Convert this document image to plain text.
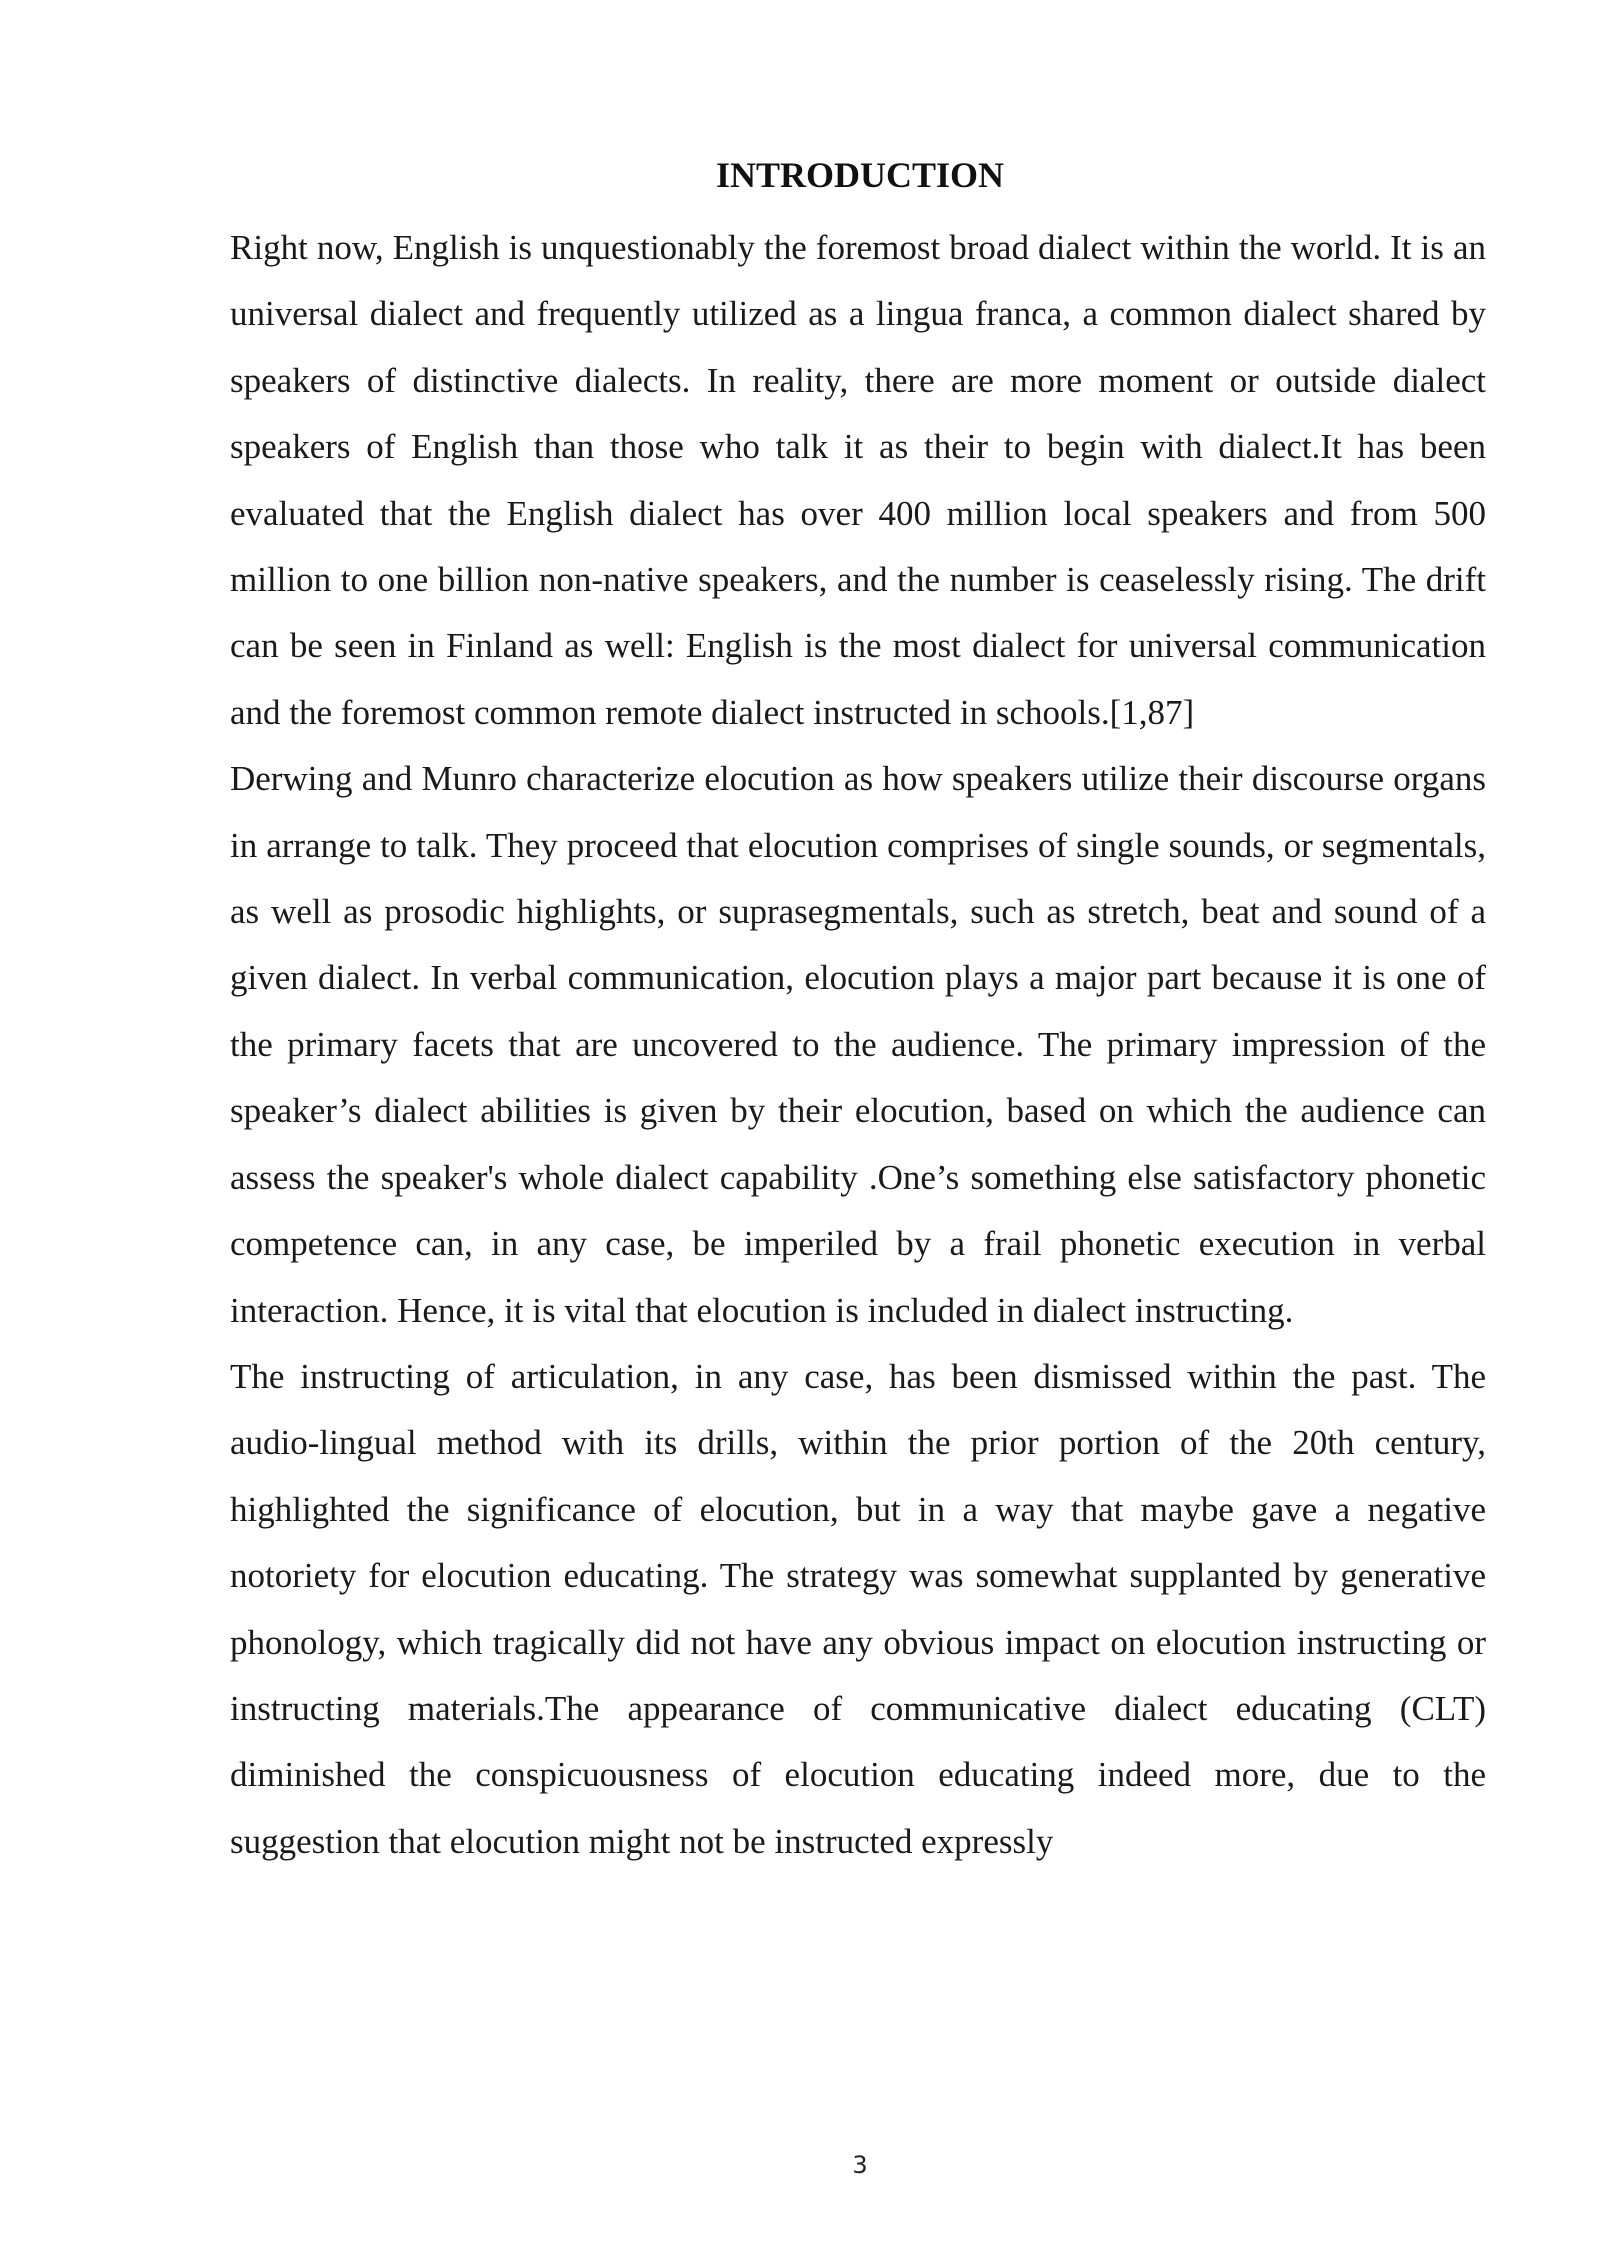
INTRODUCTION

Right now, English is unquestionably the foremost broad dialect within the world. It is an universal dialect and frequently utilized as a lingua franca, a common dialect shared by speakers of distinctive dialects. In reality, there are more moment or outside dialect speakers of English than those who talk it as their to begin with dialect.It has been evaluated that the English dialect has over 400 million local speakers and from 500 million to one billion non-native speakers, and the number is ceaselessly rising. The drift can be seen in Finland as well: English is the most dialect for universal communication and the foremost common remote dialect instructed in schools.[1,87]

Derwing and Munro characterize elocution as how speakers utilize their discourse organs in arrange to talk. They proceed that elocution comprises of single sounds, or segmentals, as well as prosodic highlights, or suprasegmentals, such as stretch, beat and sound of a given dialect. In verbal communication, elocution plays a major part because it is one of the primary facets that are uncovered to the audience. The primary impression of the speaker’s dialect abilities is given by their elocution, based on which the audience can assess the speaker's whole dialect capability .One’s something else satisfactory phonetic competence can, in any case, be imperiled by a frail phonetic execution in verbal interaction. Hence, it is vital that elocution is included in dialect instructing.

The instructing of articulation, in any case, has been dismissed within the past. The audio-lingual method with its drills, within the prior portion of the 20th century, highlighted the significance of elocution, but in a way that maybe gave a negative notoriety for elocution educating. The strategy was somewhat supplanted by generative phonology, which tragically did not have any obvious impact on elocution instructing or instructing materials.The appearance of communicative dialect educating (CLT) diminished the conspicuousness of elocution educating indeed more, due to the suggestion that elocution might not be instructed expressly

3
